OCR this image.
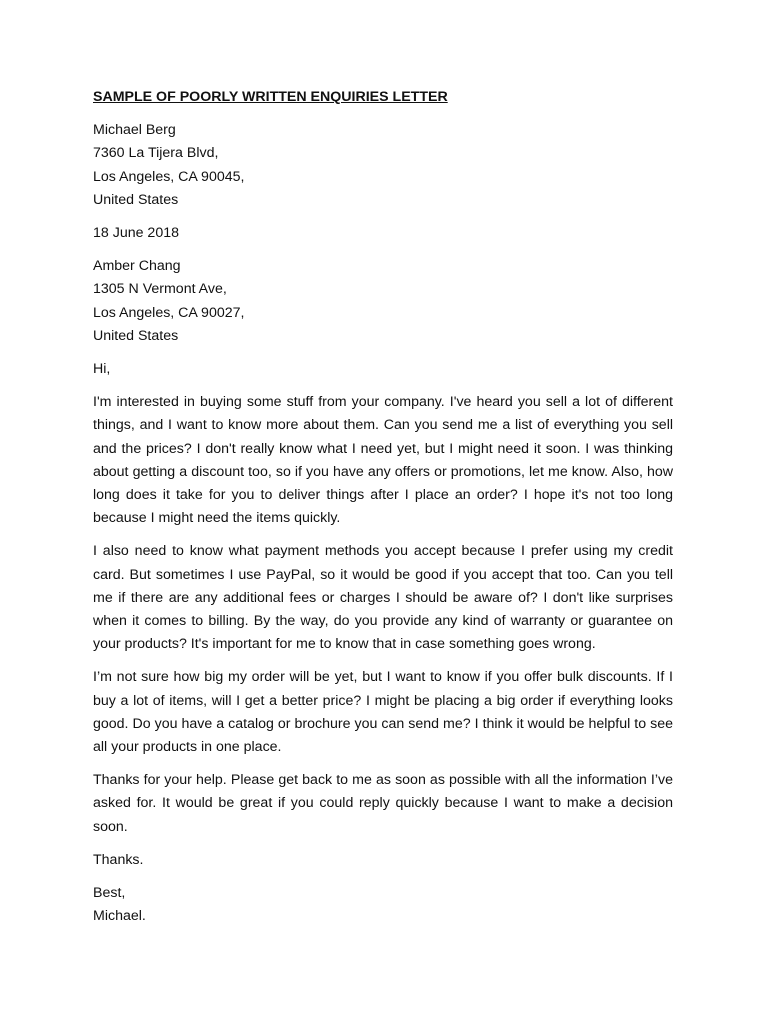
SAMPLE OF POORLY WRITTEN ENQUIRIES LETTER
Michael Berg
7360 La Tijera Blvd,
Los Angeles, CA 90045,
United States
18 June 2018
Amber Chang
1305 N Vermont Ave,
Los Angeles, CA 90027,
United States
Hi,

I'm interested in buying some stuff from your company. I've heard you sell a lot of different things, and I want to know more about them. Can you send me a list of everything you sell and the prices? I don't really know what I need yet, but I might need it soon. I was thinking about getting a discount too, so if you have any offers or promotions, let me know. Also, how long does it take for you to deliver things after I place an order? I hope it's not too long because I might need the items quickly.

I also need to know what payment methods you accept because I prefer using my credit card. But sometimes I use PayPal, so it would be good if you accept that too. Can you tell me if there are any additional fees or charges I should be aware of? I don't like surprises when it comes to billing. By the way, do you provide any kind of warranty or guarantee on your products? It's important for me to know that in case something goes wrong.

I’m not sure how big my order will be yet, but I want to know if you offer bulk discounts. If I buy a lot of items, will I get a better price? I might be placing a big order if everything looks good. Do you have a catalog or brochure you can send me? I think it would be helpful to see all your products in one place.

Thanks for your help. Please get back to me as soon as possible with all the information I’ve asked for. It would be great if you could reply quickly because I want to make a decision soon.

Thanks.
Best,
Michael.
